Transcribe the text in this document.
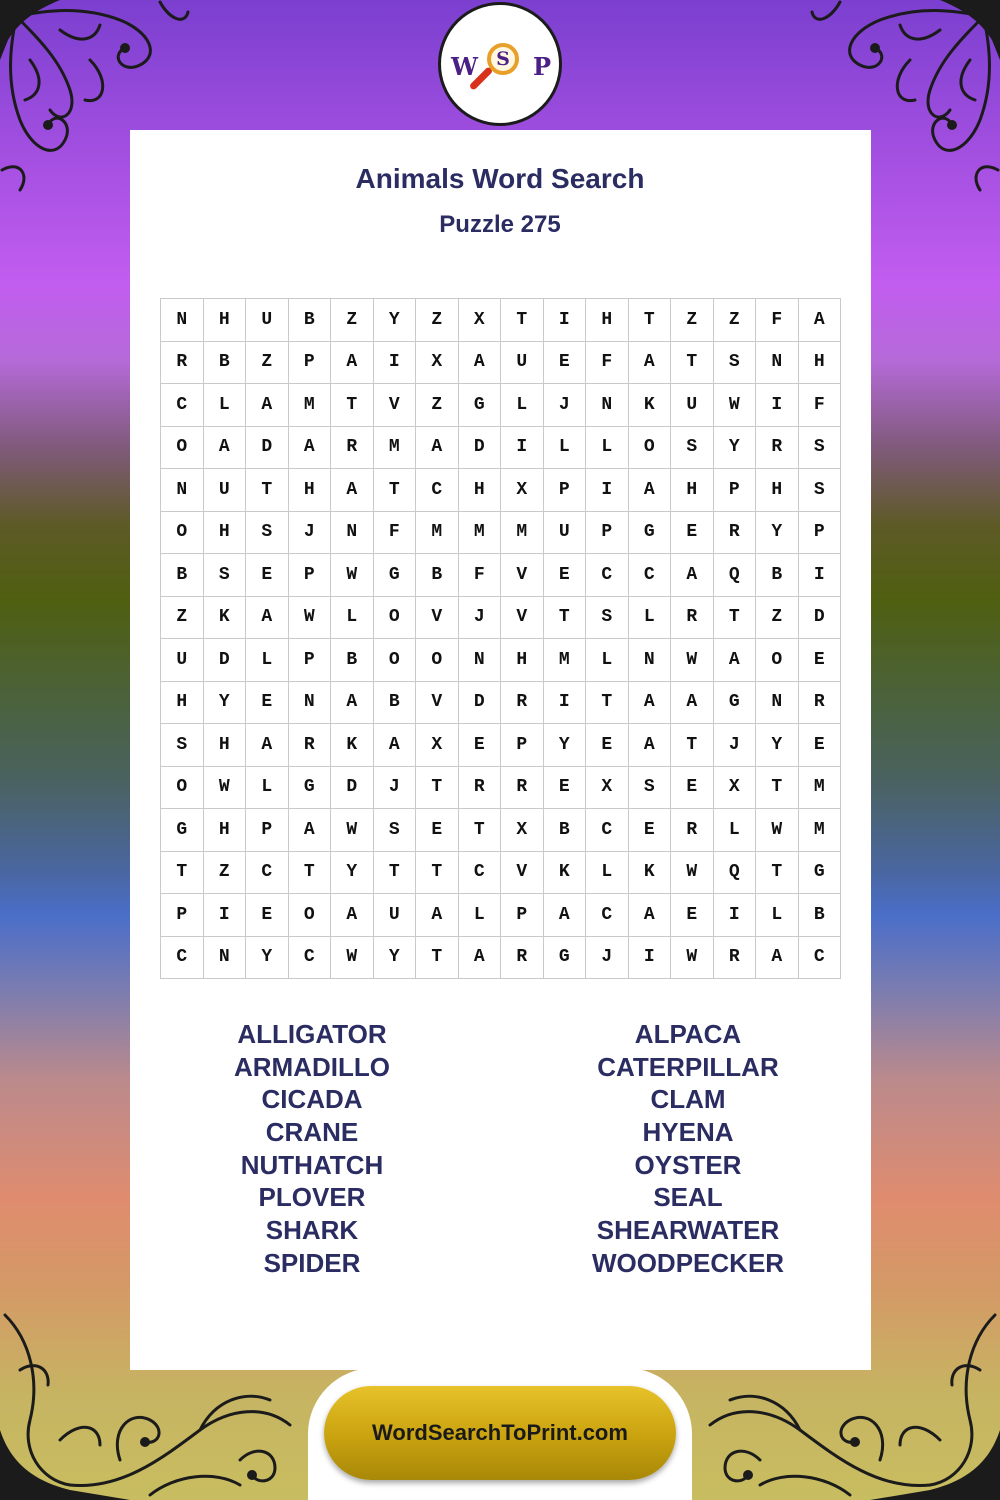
W S P
Animals Word Search
Puzzle 275
N	H	U	B	Z	Y	Z	X	T	I	H	T	Z	Z	F	A
R	B	Z	P	A	I	X	A	U	E	F	A	T	S	N	H
C	L	A	M	T	V	Z	G	L	J	N	K	U	W	I	F
O	A	D	A	R	M	A	D	I	L	L	O	S	Y	R	S
N	U	T	H	A	T	C	H	X	P	I	A	H	P	H	S
O	H	S	J	N	F	M	M	M	U	P	G	E	R	Y	P
B	S	E	P	W	G	B	F	V	E	C	C	A	Q	B	I
Z	K	A	W	L	O	V	J	V	T	S	L	R	T	Z	D
U	D	L	P	B	O	O	N	H	M	L	N	W	A	O	E
H	Y	E	N	A	B	V	D	R	I	T	A	A	G	N	R
S	H	A	R	K	A	X	E	P	Y	E	A	T	J	Y	E
O	W	L	G	D	J	T	R	R	E	X	S	E	X	T	M
G	H	P	A	W	S	E	T	X	B	C	E	R	L	W	M
T	Z	C	T	Y	T	T	C	V	K	L	K	W	Q	T	G
P	I	E	O	A	U	A	L	P	A	C	A	E	I	L	B
C	N	Y	C	W	Y	T	A	R	G	J	I	W	R	A	C
ALLIGATOR
ARMADILLO
CICADA
CRANE
NUTHATCH
PLOVER
SHARK
SPIDER
ALPACA
CATERPILLAR
CLAM
HYENA
OYSTER
SEAL
SHEARWATER
WOODPECKER
WordSearchToPrint.com
